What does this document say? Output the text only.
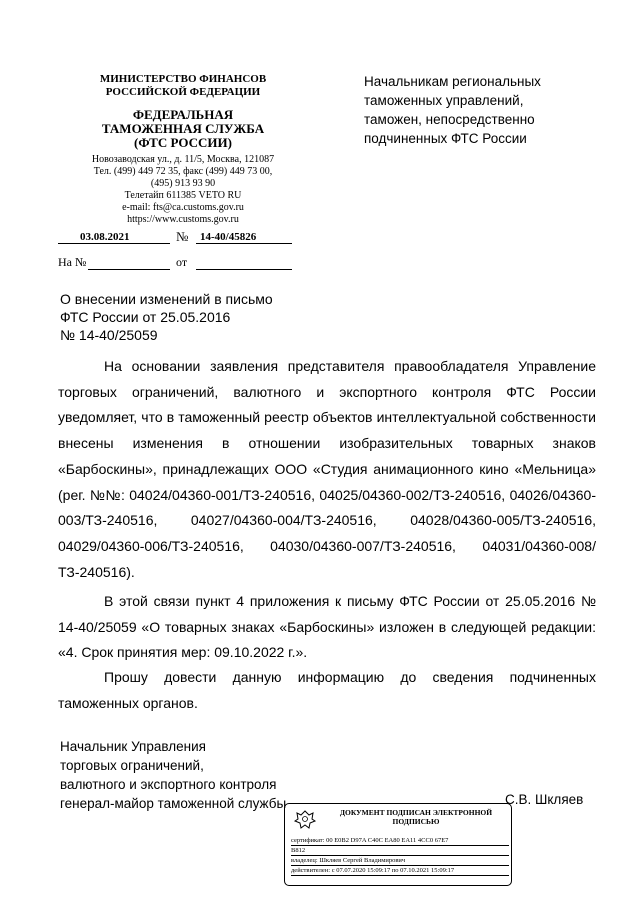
МИНИСТЕРСТВО ФИНАНСОВ
РОССИЙСКОЙ ФЕДЕРАЦИИ
ФЕДЕРАЛЬНАЯ
ТАМОЖЕННАЯ СЛУЖБА
(ФТС РОССИИ)
Новозаводская ул., д. 11/5, Москва, 121087
Тел. (499) 449 72 35, факс (499) 449 73 00,
(495) 913 93 90
Телетайп 611385 VETO RU
e-mail: fts@ca.customs.gov.ru
https://www.customs.gov.ru
Начальникам региональных
таможенных управлений,
таможен, непосредственно
подчиненных ФТС России
03.08.2021	№ 14-40/45826
На №	от
О внесении изменений в письмо
ФТС России от 25.05.2016
№ 14-40/25059
На основании заявления представителя правообладателя Управление торговых ограничений, валютного и экспортного контроля ФТС России уведомляет, что в таможенный реестр объектов интеллектуальной собственности внесены изменения в отношении изобразительных товарных знаков «Барбоскины», принадлежащих ООО «Студия анимационного кино «Мельница» (рег. №№: 04024/04360-001/ТЗ-240516, 04025/04360-002/ТЗ-240516, 04026/04360-003/ТЗ-240516, 04027/04360-004/ТЗ-240516, 04028/04360-005/ТЗ-240516, 04029/04360-006/ТЗ-240516, 04030/04360-007/ТЗ-240516, 04031/04360-008/ТЗ-240516).
В этой связи пункт 4 приложения к письму ФТС России от 25.05.2016 № 14-40/25059 «О товарных знаках «Барбоскины» изложен в следующей редакции: «4. Срок принятия мер: 09.10.2022 г.».
Прошу довести данную информацию до сведения подчиненных таможенных органов.
Начальник Управления
торговых ограничений,
валютного и экспортного контроля
генерал-майор таможенной службы	С.В. Шкляев
ДОКУМЕНТ ПОДПИСАН ЭЛЕКТРОННОЙ
ПОДПИСЬЮ
сертификат: 00 E0B2 D97A C40C EA80 EA11 4CC0 67E7
B812
владелец: Шкляев Сергей Владимирович
действителен: с 07.07.2020 15:09:17 по 07.10.2021 15:09:17
